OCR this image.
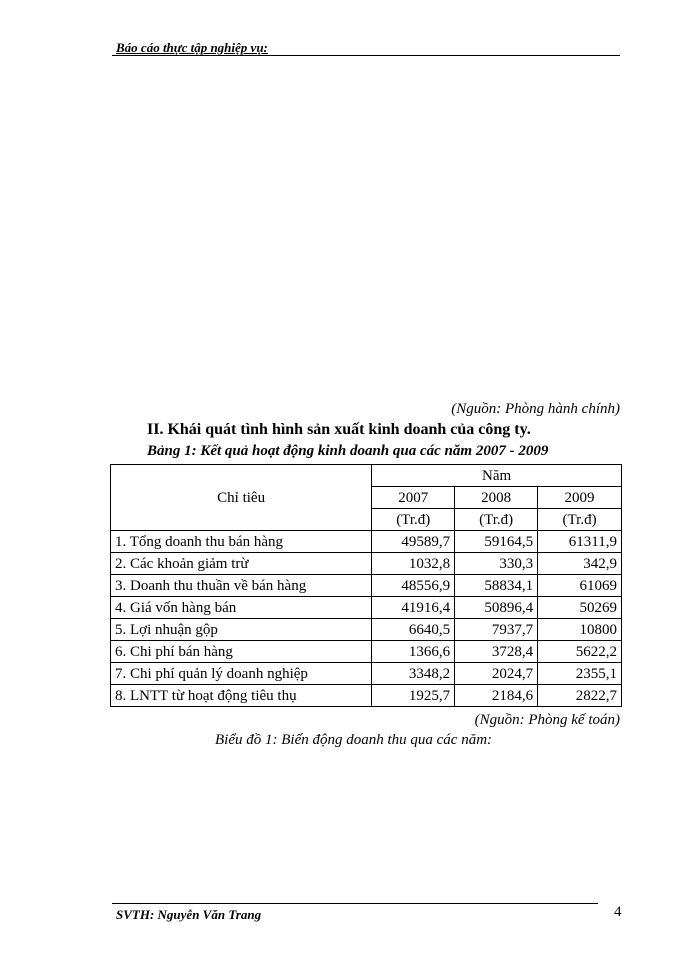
Báo cáo thực tập nghiệp vụ:
(Nguồn: Phòng hành chính)
II. Khái quát tình hình sản xuất kinh doanh của công ty.
Bảng 1: Kết quả hoạt động kinh doanh qua các năm 2007 - 2009
Chỉ tiêu	Năm		
	2007	2008	2009
	(Tr.đ)	(Tr.đ)	(Tr.đ)
1. Tổng doanh thu bán hàng	49589,7	59164,5	61311,9
2. Các khoản giảm trừ	1032,8	330,3	342,9
3. Doanh thu thuần về bán hàng	48556,9	58834,1	61069
4. Giá vốn hàng bán	41916,4	50896,4	50269
5. Lợi nhuận gộp	6640,5	7937,7	10800
6. Chi phí bán hàng	1366,6	3728,4	5622,2
7. Chi phí quản lý doanh nghiệp	3348,2	2024,7	2355,1
8. LNTT từ hoạt động tiêu thụ	1925,7	2184,6	2822,7
(Nguồn: Phòng kế toán)
Biểu đồ 1: Biến động doanh thu qua các năm:
SVTH: Nguyễn Văn Trang	4
